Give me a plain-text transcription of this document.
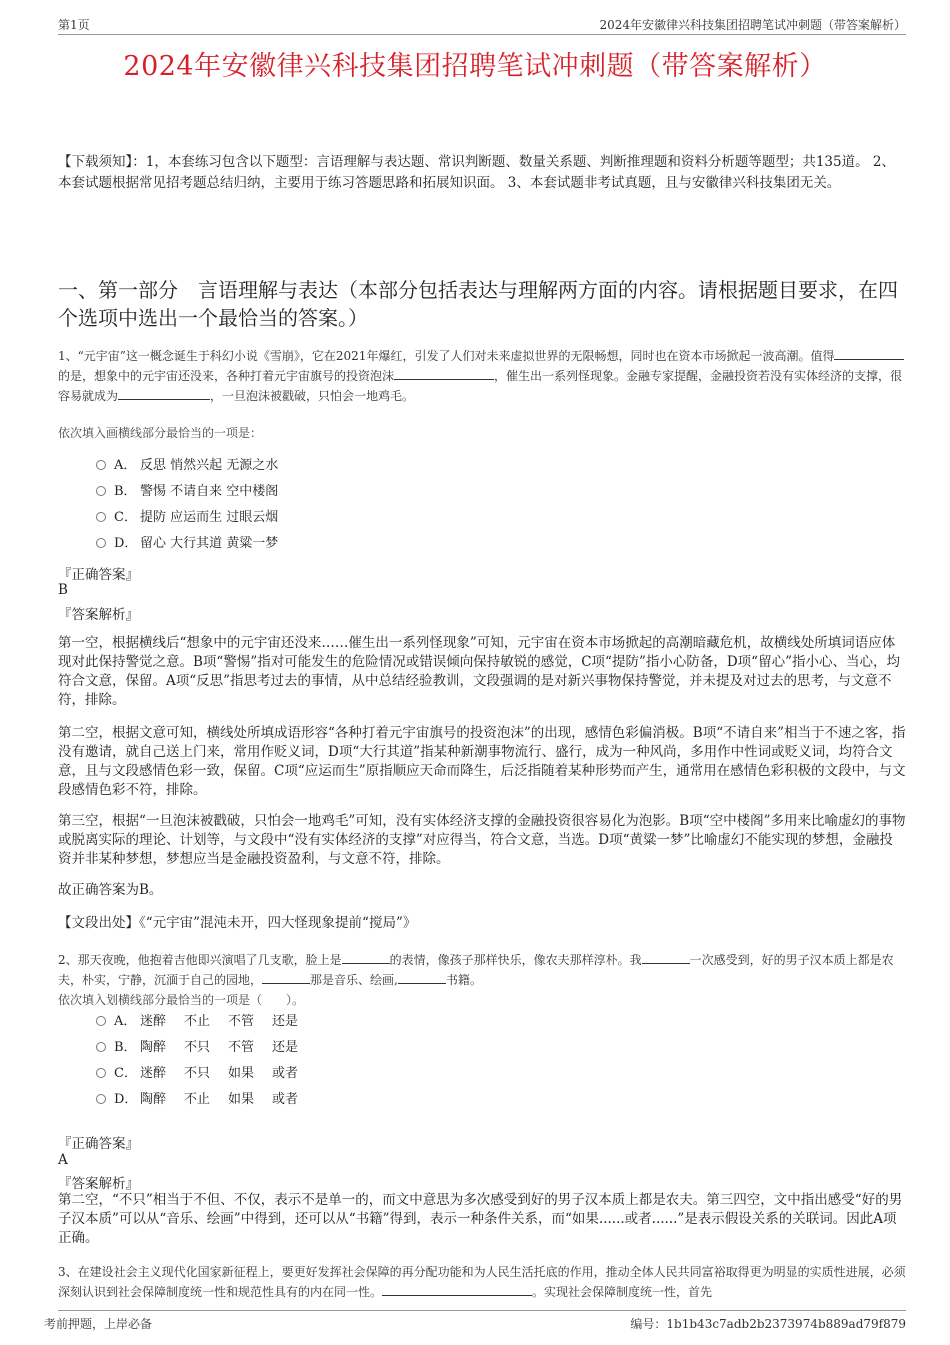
第1页	2024年安徽律兴科技集团招聘笔试冲刺题（带答案解析）
2024年安徽律兴科技集团招聘笔试冲刺题（带答案解析）
【下载须知】：1，本套练习包含以下题型：言语理解与表达题、常识判断题、数量关系题、判断推理题和资料分析题等题型；共135道。 2、本套试题根据常见招考题总结归纳，主要用于练习答题思路和拓展知识面。 3、本套试题非考试真题，且与安徽律兴科技集团无关。
一、第一部分　言语理解与表达（本部分包括表达与理解两方面的内容。请根据题目要求，在四个选项中选出一个最恰当的答案。）
1、“元宇宙”这一概念诞生于科幻小说《雪崩》，它在2021年爆红，引发了人们对未来虚拟世界的无限畅想，同时也在资本市场掀起一波高潮。值得的是，想象中的元宇宙还没来，各种打着元宇宙旗号的投资泡沫	，催生出一系列怪现象。金融专家提醒，金融投资若没有实体经济的支撑，很容易就成为	，一旦泡沫被戳破，只怕会一地鸡毛。
依次填入画横线部分最恰当的一项是：
A． 反思 悄然兴起 无源之水
B． 警惕 不请自来 空中楼阁
C． 提防 应运而生 过眼云烟
D． 留心 大行其道 黄粱一梦
『正确答案』
B
『答案解析』
第一空，根据横线后“想象中的元宇宙还没来……催生出一系列怪现象”可知，元宇宙在资本市场掀起的高潮暗藏危机，故横线处所填词语应体现对此保持警觉之意。B项“警惕”指对可能发生的危险情况或错误倾向保持敏锐的感觉，C项“提防”指小心防备，D项“留心”指小心、当心，均符合文意，保留。A项“反思”指思考过去的事情，从中总结经验教训，文段强调的是对新兴事物保持警觉，并未提及对过去的思考，与文意不符，排除。
第二空，根据文意可知，横线处所填成语形容“各种打着元宇宙旗号的投资泡沫”的出现，感情色彩偏消极。B项“不请自来”相当于不速之客，指没有邀请，就自己送上门来，常用作贬义词，D项“大行其道”指某种新潮事物流行、盛行，成为一种风尚，多用作中性词或贬义词，均符合文意，且与文段感情色彩一致，保留。C项“应运而生”原指顺应天命而降生，后泛指随着某种形势而产生，通常用在感情色彩积极的文段中，与文段感情色彩不符，排除。
第三空，根据“一旦泡沫被戳破，只怕会一地鸡毛”可知，没有实体经济支撑的金融投资很容易化为泡影。B项“空中楼阁”多用来比喻虚幻的事物或脱离实际的理论、计划等，与文段中“没有实体经济的支撑”对应得当，符合文意，当选。D项“黄粱一梦”比喻虚幻不能实现的梦想，金融投资并非某种梦想，梦想应当是金融投资盈利，与文意不符，排除。
故正确答案为B。
【文段出处】《“元宇宙”混沌未开，四大怪现象提前“搅局”》
2、那天夜晚，他抱着吉他即兴演唱了几支歌，脸上是	的表情，像孩子那样快乐，像农夫那样淳朴。我	一次感受到，好的男子汉本质上都是农夫，朴实，宁静，沉湎于自己的园地，	那是音乐、绘画,	书籍。
依次填入划横线部分最恰当的一项是（　　）。
A． 迷醉 不止 不管 还是
B． 陶醉 不只 不管 还是
C． 迷醉 不只 如果 或者
D． 陶醉 不止 如果 或者
『正确答案』
A
『答案解析』
第二空，“不只”相当于不但、不仅，表示不是单一的，而文中意思为多次感受到好的男子汉本质上都是农夫。第三四空，文中指出感受“好的男子汉本质”可以从“音乐、绘画”中得到，还可以从“书籍”得到，表示一种条件关系，而“如果......或者......”是表示假设关系的关联词。因此A项正确。
3、在建设社会主义现代化国家新征程上，要更好发挥社会保障的再分配功能和为人民生活托底的作用，推动全体人民共同富裕取得更为明显的实质性进展，必须深刻认识到社会保障制度统一性和规范性具有的内在同一性。	。实现社会保障制度统一性，首先
考前押题，上岸必备	编号：1b1b43c7adb2b2373974b889ad79f879
